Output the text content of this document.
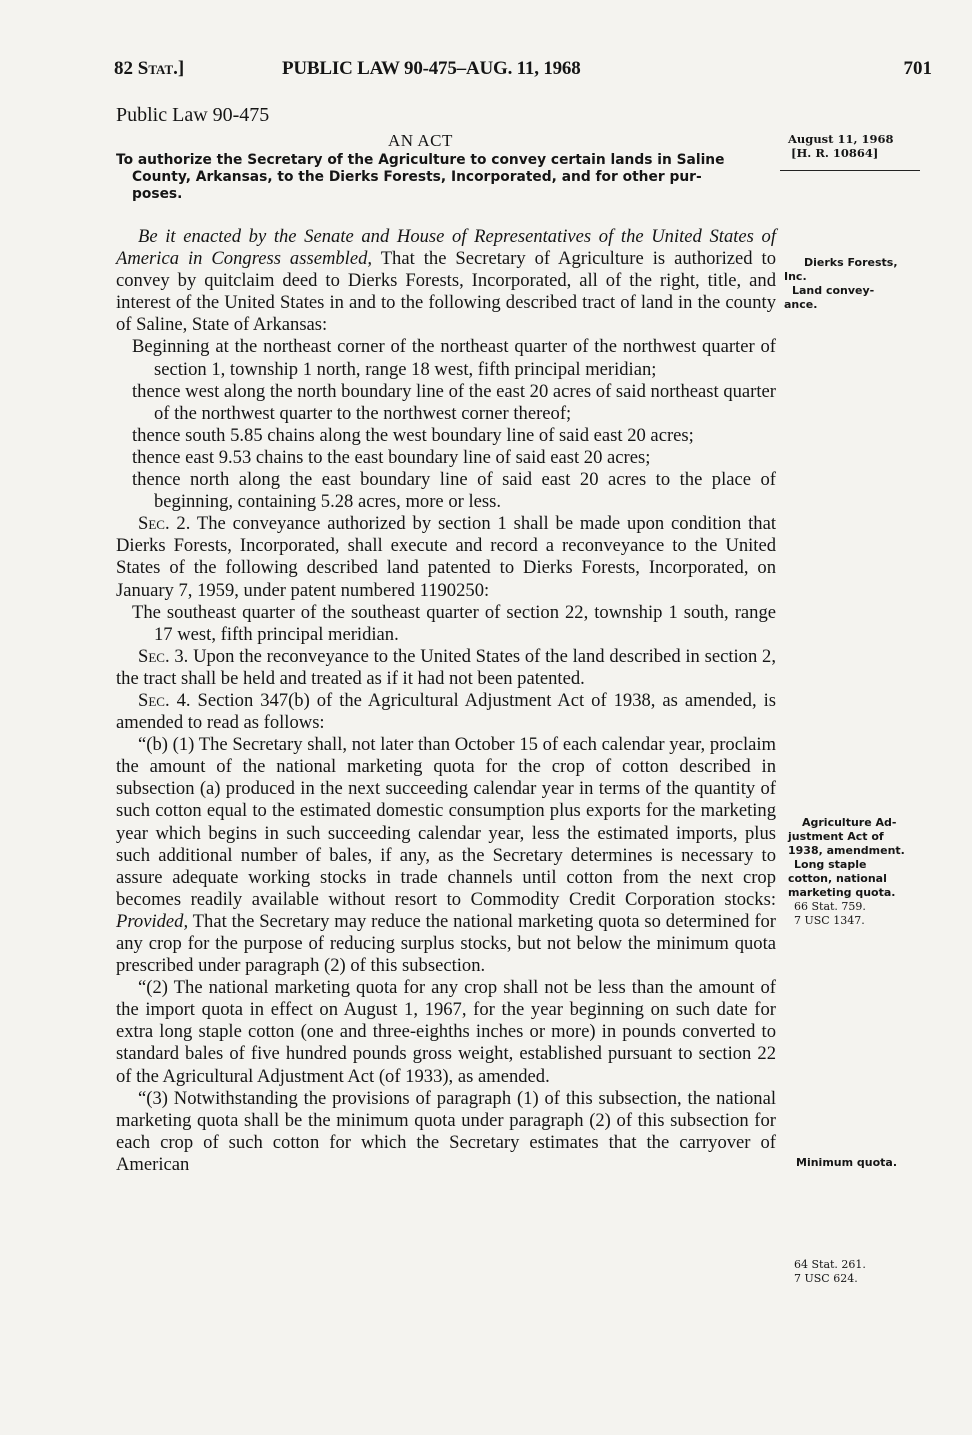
82 Stat.]	PUBLIC LAW 90-475–AUG. 11, 1968	701
Public Law 90-475
AN ACT
To authorize the Secretary of the Agriculture to convey certain lands in Saline
County, Arkansas, to the Dierks Forests, Incorporated, and for other pur-
poses.
August 11, 1968
[H. R. 10864]
Dierks Forests,
Inc.
Land convey-
ance.
Agriculture Ad-
justment Act of
1938, amendment.
Long staple
cotton, national
marketing quota.
66 Stat. 759.
7 USC 1347.
Minimum quota.
64 Stat. 261.
7 USC 624.

Be it enacted by the Senate and House of Representatives of the United States of America in Congress assembled, That the Secretary of Agriculture is authorized to convey by quitclaim deed to Dierks Forests, Incorporated, all of the right, title, and interest of the United States in and to the following described tract of land in the county of Saline, State of Arkansas:

Beginning at the northeast corner of the northeast quarter of the northwest quarter of section 1, township 1 north, range 18 west, fifth principal meridian;

thence west along the north boundary line of the east 20 acres of said northeast quarter of the northwest quarter to the northwest corner thereof;

thence south 5.85 chains along the west boundary line of said east 20 acres;

thence east 9.53 chains to the east boundary line of said east 20 acres;

thence north along the east boundary line of said east 20 acres to the place of beginning, containing 5.28 acres, more or less.

Sec. 2. The conveyance authorized by section 1 shall be made upon condition that Dierks Forests, Incorporated, shall execute and record a reconveyance to the United States of the following described land patented to Dierks Forests, Incorporated, on January 7, 1959, under patent numbered 1190250:

The southeast quarter of the southeast quarter of section 22, township 1 south, range 17 west, fifth principal meridian.

Sec. 3. Upon the reconveyance to the United States of the land described in section 2, the tract shall be held and treated as if it had not been patented.

Sec. 4. Section 347(b) of the Agricultural Adjustment Act of 1938, as amended, is amended to read as follows:

“(b) (1) The Secretary shall, not later than October 15 of each calendar year, proclaim the amount of the national marketing quota for the crop of cotton described in subsection (a) produced in the next succeeding calendar year in terms of the quantity of such cotton equal to the estimated domestic consumption plus exports for the marketing year which begins in such succeeding calendar year, less the estimated imports, plus such additional number of bales, if any, as the Secretary determines is necessary to assure adequate working stocks in trade channels until cotton from the next crop becomes readily available without resort to Commodity Credit Corporation stocks: Provided, That the Secretary may reduce the national marketing quota so determined for any crop for the purpose of reducing surplus stocks, but not below the minimum quota prescribed under paragraph (2) of this subsection.

“(2) The national marketing quota for any crop shall not be less than the amount of the import quota in effect on August 1, 1967, for the year beginning on such date for extra long staple cotton (one and three-eighths inches or more) in pounds converted to standard bales of five hundred pounds gross weight, established pursuant to section 22 of the Agricultural Adjustment Act (of 1933), as amended.

“(3) Notwithstanding the provisions of paragraph (1) of this subsection, the national marketing quota shall be the minimum quota under paragraph (2) of this subsection for each crop of such cotton for which the Secretary estimates that the carryover of American
